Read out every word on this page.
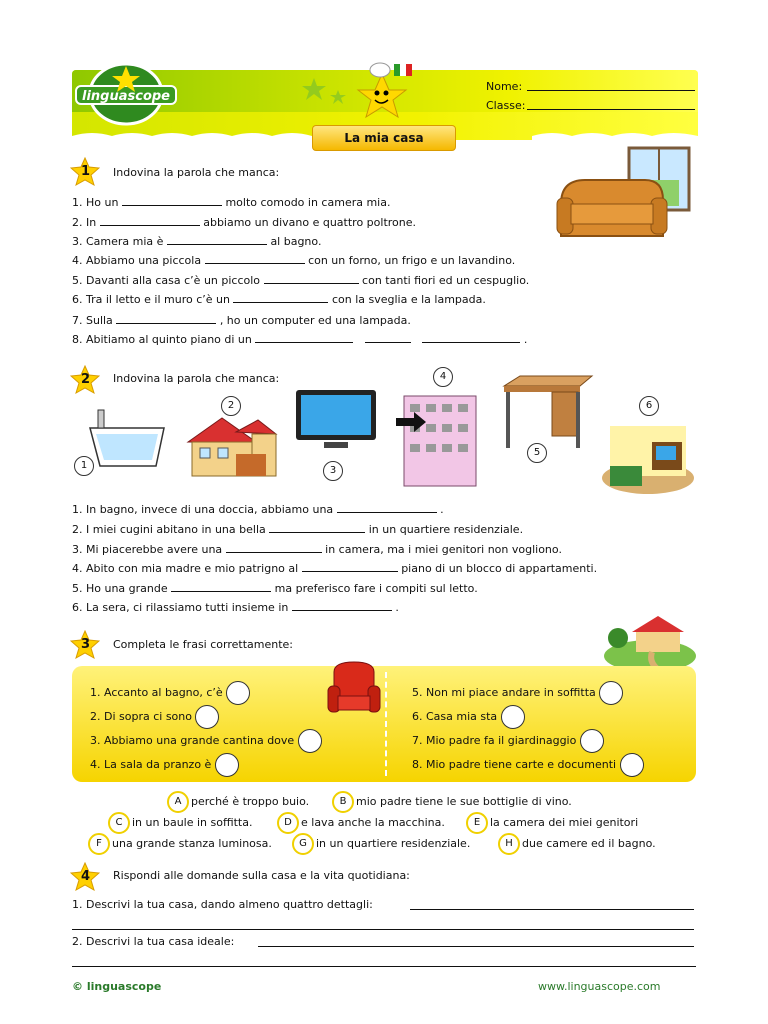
linguascope
Nome:
Classe:
La mia casa
1 Indovina la parola che manca:
1. Ho un	molto comodo in camera mia.
2. In	abbiamo un divano e quattro poltrone.
3. Camera mia è	al bagno.
4. Abbiamo una piccola	con un forno, un frigo e un lavandino.
5. Davanti alla casa c’è un piccolo	con tanti fiori ed un cespuglio.
6. Tra il letto e il muro c’è un	con la sveglia e la lampada.
7. Sulla	, ho un computer ed una lampada.
8. Abitiamo al quinto piano di un	.
2 Indovina la parola che manca:
1
2
3
4
5
6
1. In bagno, invece di una doccia, abbiamo una	.
2. I miei cugini abitano in una bella	in un quartiere residenziale.
3. Mi piacerebbe avere una	in camera, ma i miei genitori non vogliono.
4. Abito con mia madre e mio patrigno al	piano di un blocco di appartamenti.
5. Ho una grande	ma preferisco fare i compiti sul letto.
6. La sera, ci rilassiamo tutti insieme in	.
3 Completa le frasi correttamente:
1. Accanto al bagno, c’è
2. Di sopra ci sono
3. Abbiamo una grande cantina dove
4. La sala da pranzo è
5. Non mi piace andare in soffitta
6. Casa mia sta
7. Mio padre fa il giardinaggio
8. Mio padre tiene carte e documenti
A perché è troppo buio.	B mio padre tiene le sue bottiglie di vino.
C in un baule in soffitta.	D e lava anche la macchina.	E la camera dei miei genitori
F una grande stanza luminosa.	G in un quartiere residenziale.	H due camere ed il bagno.
4 Rispondi alle domande sulla casa e la vita quotidiana:
1. Descrivi la tua casa, dando almeno quattro dettagli:
2. Descrivi la tua casa ideale:
© linguascope	www.linguascope.com
